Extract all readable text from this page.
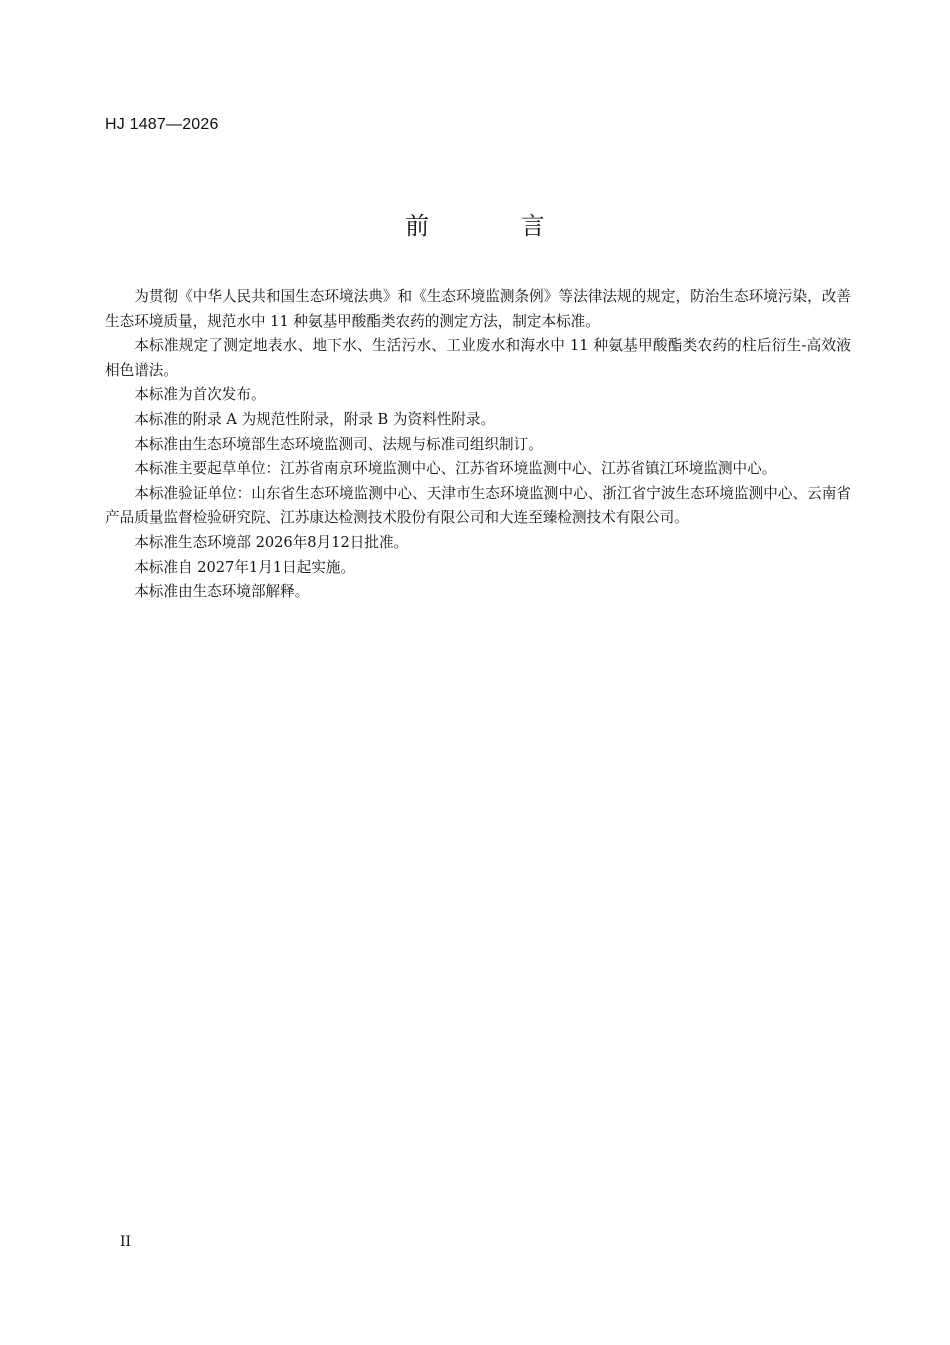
HJ 1487—2026
前 言

为贯彻《中华人民共和国生态环境法典》和《生态环境监测条例》等法律法规的规定，防治生态环境污染，改善生态环境质量，规范水中 11 种氨基甲酸酯类农药的测定方法，制定本标准。

本标准规定了测定地表水、地下水、生活污水、工业废水和海水中 11 种氨基甲酸酯类农药的柱后衍生-高效液相色谱法。

本标准为首次发布。

本标准的附录 A 为规范性附录，附录 B 为资料性附录。

本标准由生态环境部生态环境监测司、法规与标准司组织制订。

本标准主要起草单位：江苏省南京环境监测中心、江苏省环境监测中心、江苏省镇江环境监测中心。

本标准验证单位：山东省生态环境监测中心、天津市生态环境监测中心、浙江省宁波生态环境监测中心、云南省产品质量监督检验研究院、江苏康达检测技术股份有限公司和大连至臻检测技术有限公司。

本标准生态环境部 2026年8月12日批准。

本标准自 2027年1月1日起实施。

本标准由生态环境部解释。

II
